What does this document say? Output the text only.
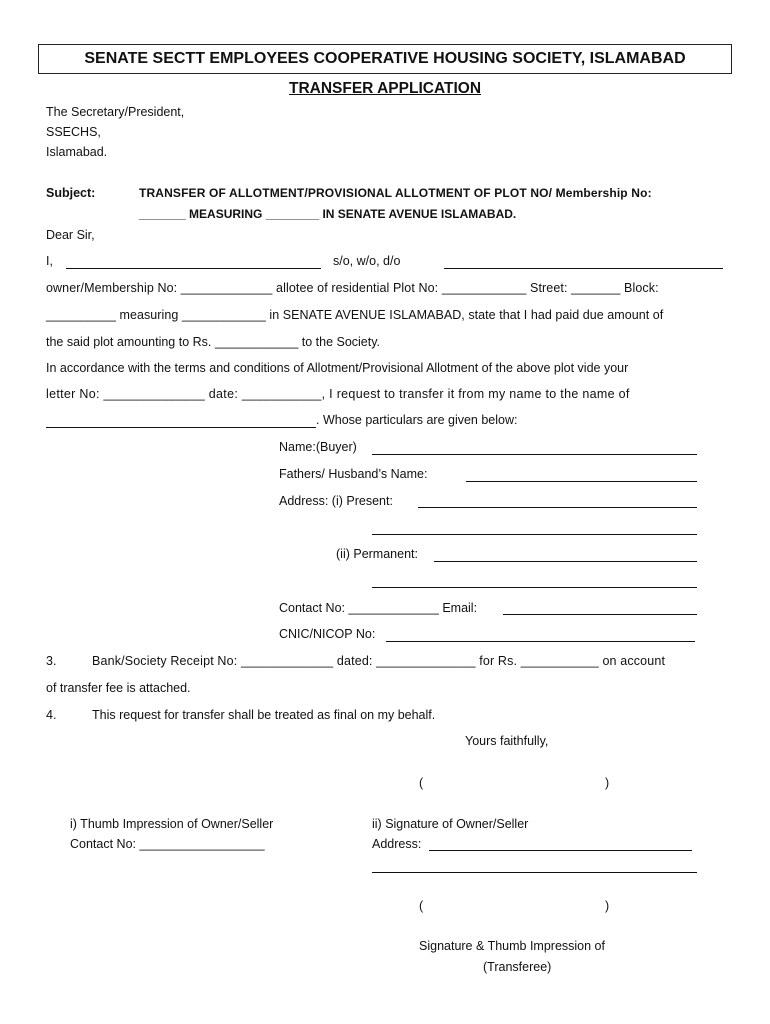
SENATE SECTT EMPLOYEES COOPERATIVE HOUSING SOCIETY, ISLAMABAD
TRANSFER APPLICATION
The Secretary/President,
SSECHS,
Islamabad.
Subject:	TRANSFER OF ALLOTMENT/PROVISIONAL ALLOTMENT OF PLOT NO/ Membership No:
_______ MEASURING ________ IN SENATE AVENUE ISLAMABAD.
Dear Sir,
I,	s/o, w/o, d/o
owner/Membership No: _____________ allotee of residential Plot No: ____________ Street: _______ Block:
__________ measuring ____________ in SENATE AVENUE ISLAMABAD, state that I had paid due amount of
the said plot amounting to Rs. ____________ to the Society.
In accordance with the terms and conditions of Allotment/Provisional Allotment of the above plot vide your
letter No: ______________ date: ___________, I request to transfer it from my name to the name of
. Whose particulars are given below:
Name:(Buyer)
Fathers/ Husband’s Name:
Address: (i) Present:
(ii) Permanent:
Contact No: _____________ Email:
CNIC/NICOP No:
3.	Bank/Society Receipt No: _____________ dated: ______________ for Rs. ___________ on account
of transfer fee is attached.
4.	This request for transfer shall be treated as final on my behalf.
Yours faithfully,
(	)
i) Thumb Impression of Owner/Seller
Contact No: __________________
ii) Signature of Owner/Seller
Address:
(	)
Signature & Thumb Impression of
(Transferee)
